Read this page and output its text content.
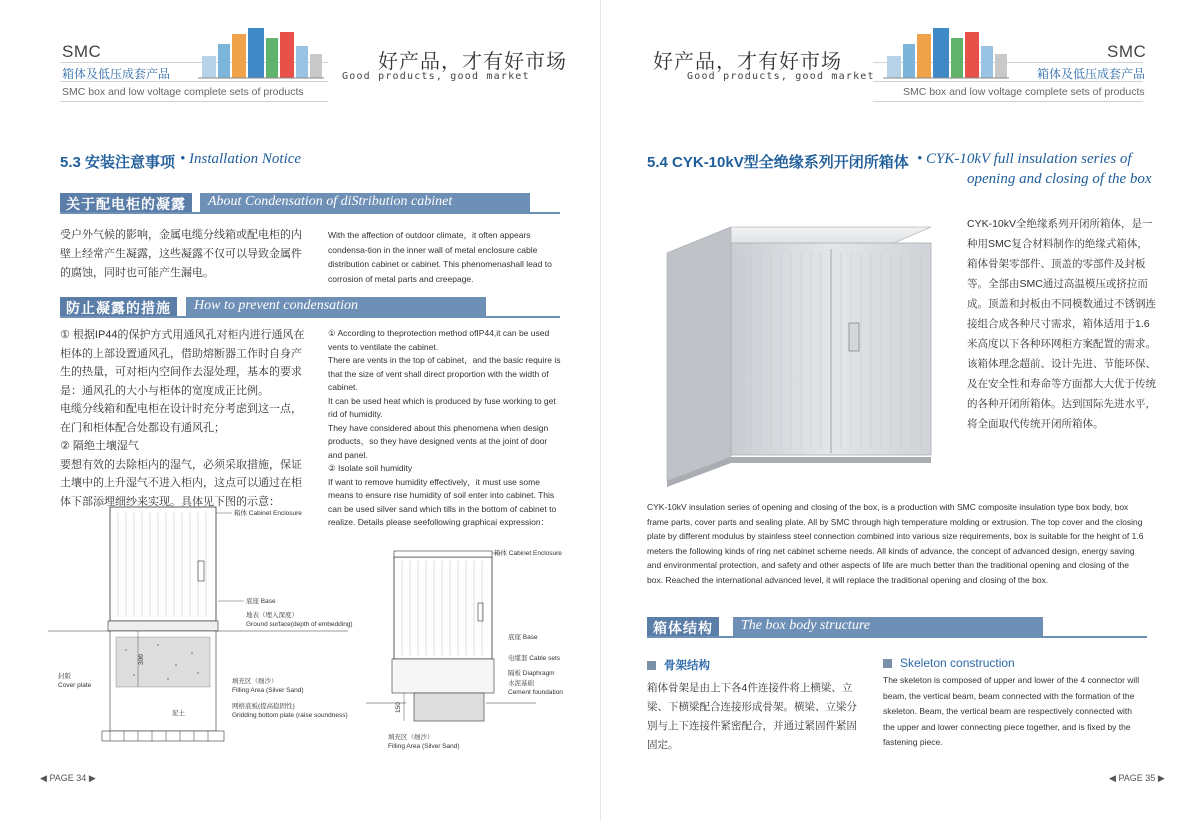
SMC
箱体及低压成套产品
SMC box and low voltage complete sets of products
好产品，才有好市场
Good products, good market
5.3 安装注意事项 • Installation Notice
关于配电柜的凝露	About Condensation of diStribution cabinet
受户外气候的影响，金属电缆分线箱或配电柜的内壁上经常产生凝露，这些凝露不仅可以导致金属件的腐蚀，同时也可能产生漏电。
With the affection of outdoor climate，it often appears condensa-tion in the inner wall of metal enclosure cable distribution cabinet or cabinet. This phenomenashall lead to corrosion of metal parts and creepage.
防止凝露的措施	How to prevent condensation
① 根据IP44的保护方式用通风孔对柜内进行通风在柜体的上部设置通风孔，借助熔断器工作时自身产生的热量，可对柜内空间作去湿处理，基本的要求是：通风孔的大小与柜体的宽度成正比例。
电缆分线箱和配电柜在设计时充分考虑到这一点，在门和柜体配合处都设有通风孔；
② 隔绝土壤湿气
要想有效的去除柜内的湿气，必须采取措施，保证土壤中的上升湿气不进入柜内，这点可以通过在柜体下部添埋细纱来实现。具体见下图的示意：
① According to theprotection method ofIP44,it can be used vents to ventilate the cabinet.
There are vents in the top of cabinet，and the basic require is that the size of vent shall direct proportion with the width of cabinet.
It can be used heat which is produced by fuse working to get rid of humidity.
They have considered about this phenomena when design products，so they have designed vents at the joint of door and panel.
② Isolate soil humidity
If want to remove humidity effectively，it must use some means to ensure rise humidity of soil enter into cabinet. This can be used silver sand which tills in the bottom of cabinet to realize. Details please seefollowing graphicai expression：
300
泥土
箱体 Cabinet Enclosure
底座 Base
地表（埋入深度）
Ground surface(depth of embedding)
封版
Cover plate
填充区（细沙）
Filling Area (Silver Sand)
网格底板(提高稳固性)
Gridding bottom plate (raise soundness)
150
箱体 Cabinet Enclosure
底座 Base
电缆套 Cable sets
隔板 Diaphragm
水泥基础
Cement foundation
填充区（细沙）
Filling Area (Silver Sand)
◀ PAGE 34 ▶
SMC
箱体及低压成套产品
SMC box and low voltage complete sets of products
好产品，才有好市场
Good products, good market
5.4 CYK-10kV型全绝缘系列开闭所箱体 • CYK-10kV full insulation series of
opening and closing of the box
CYK-10kV全绝缘系列开闭所箱体，是一种用SMC复合材料制作的绝缘式箱体，箱体骨架零部件、顶盖的零部件及封板等。全部由SMC通过高温模压或挤拉而成。顶盖和封板由不同模数通过不锈钢连接组合成各种尺寸需求，箱体适用于1.6米高度以下各种环网柜方案配置的需求。该箱体理念超前、设计先进、节能环保、及在安全性和寿命等方面都大大优于传统的各种开闭所箱体。达到国际先进水平，将全面取代传统开闭所箱体。
CYK-10kV insulation series of opening and closing of the box, is a production with SMC composite insulation type box body, box frame parts, cover parts and sealing plate. All by SMC through high temperature molding or extrusion. The top cover and the closing plate by different modulus by stainless steel connection combined into various size requirements, box is suitable for the height of 1.6 meters the following kinds of ring net cabinet scheme needs. All kinds of advance, the concept of advanced design, energy saving and environmental protection, and safety and other aspects of life are much better than the traditional opening and closing of the box. Reached the international advanced level, it will replace the traditional opening and closing of the box.
箱体结构	The box body structure
骨架结构
箱体骨架是由上下各4件连接件将上横梁、立梁、下横梁配合连接形成骨架。横梁、立梁分别与上下连接件紧密配合，并通过紧固件紧固固定。
Skeleton construction
The skeleton is composed of upper and lower of the 4 connector will beam, the vertical beam, beam connected with the formation of the skeleton. Beam, the vertical beam are respectively connected with the upper and lower connecting piece together, and is fixed by the fastening piece.
◀ PAGE 35 ▶
